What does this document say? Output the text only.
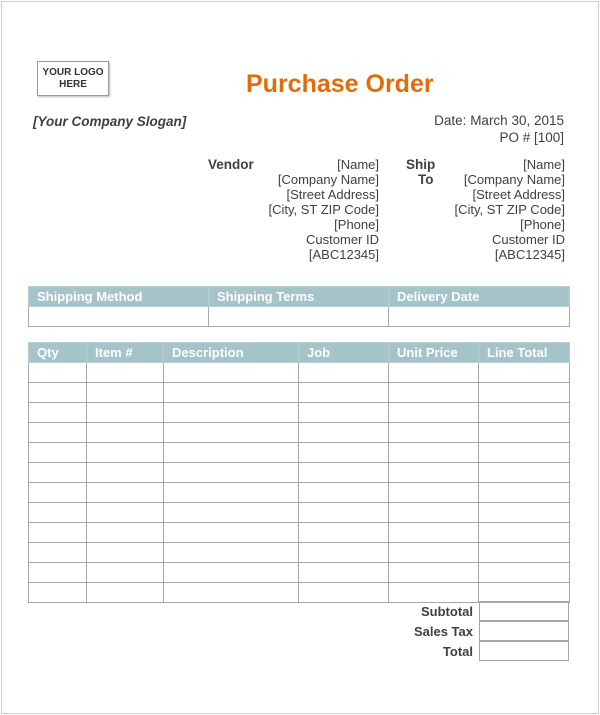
YOUR LOGO
HERE	Purchase Order
[Your Company Slogan]	Date: March 30, 2015
PO # [100]
Vendor	[Name]
[Company Name]
[Street Address]
[City, ST ZIP Code]
[Phone]
Customer ID
[ABC12345]
Ship
To
[Name]
[Company Name]
[Street Address]
[City, ST ZIP Code]
[Phone]
Customer ID
[ABC12345]
Shipping Method	Shipping Terms	Delivery Date

Qty	Item #	Description	Job	Unit Price	Line Total

Subtotal
Sales Tax
Total
